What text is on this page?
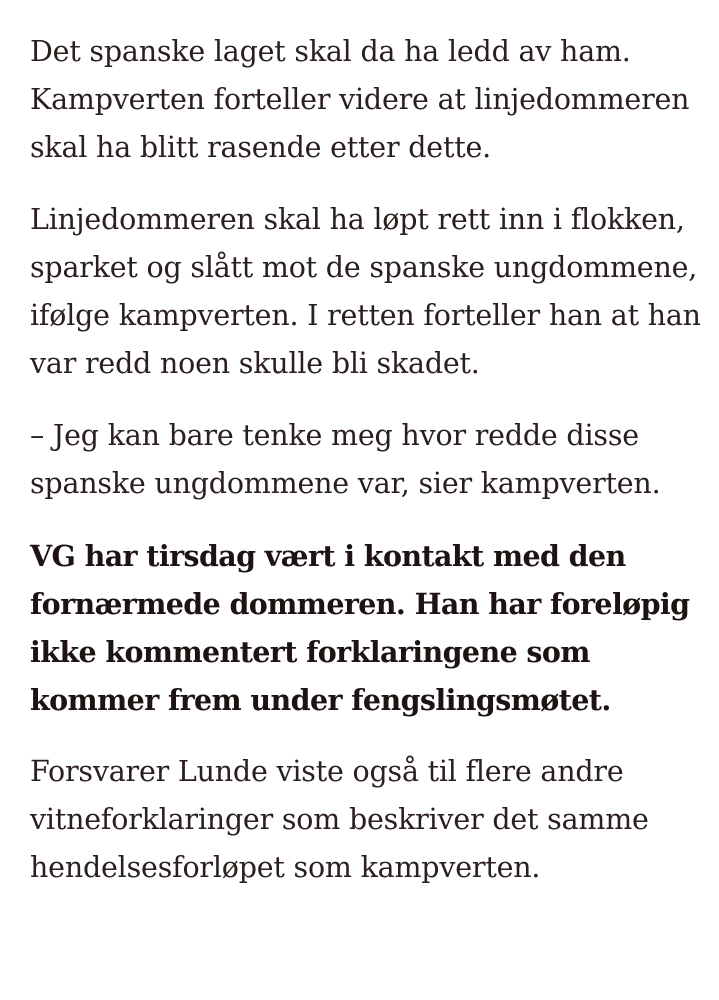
Det spanske laget skal da ha ledd av ham. Kampverten forteller videre at linjedommeren skal ha blitt rasende etter dette.

Linjedommeren skal ha løpt rett inn i flokken, sparket og slått mot de spanske ungdommene, ifølge kampverten. I retten forteller han at han var redd noen skulle bli skadet.

– Jeg kan bare tenke meg hvor redde disse spanske ungdommene var, sier kampverten.

VG har tirsdag vært i kontakt med den fornærmede dommeren. Han har foreløpig ikke kommentert forklaringene som kommer frem under fengslingsmøtet.

Forsvarer Lunde viste også til flere andre vitneforklaringer som beskriver det samme hendelsesforløpet som kampverten.
